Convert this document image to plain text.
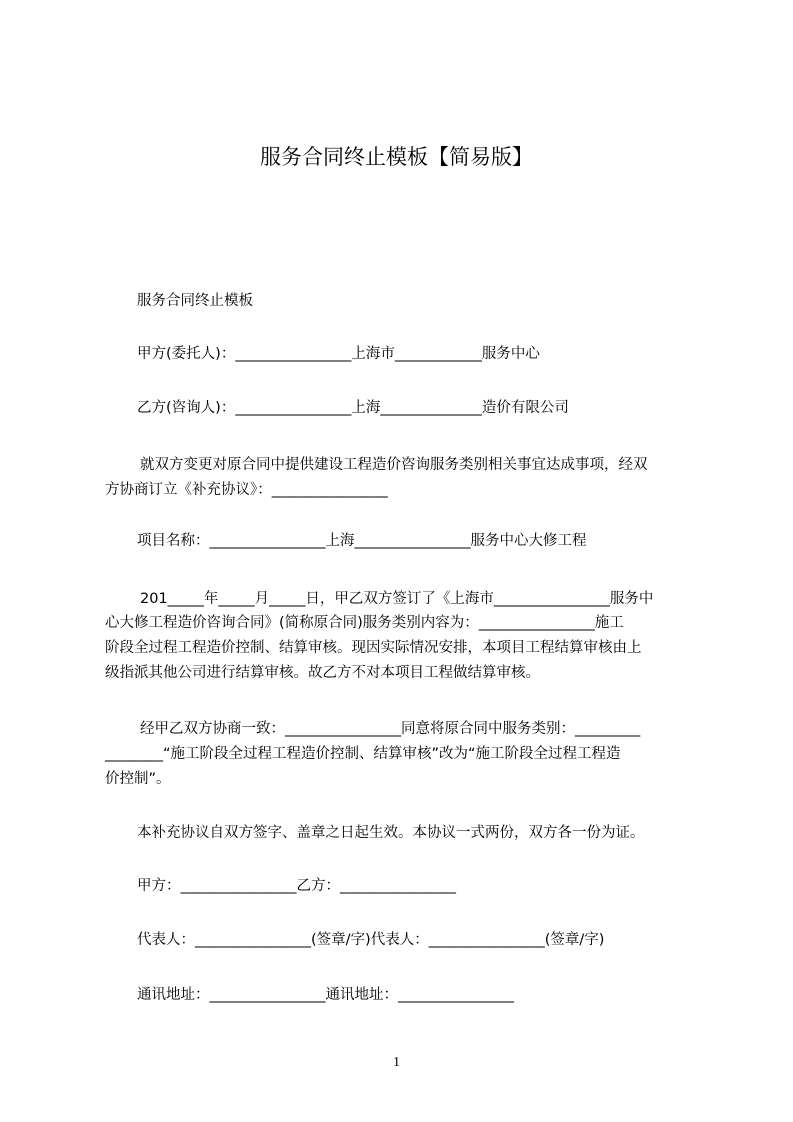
服务合同终止模板【简易版】
服务合同终止模板
甲方(委托人)：________________上海市____________服务中心
乙方(咨询人)：________________上海______________造价有限公司
就双方变更对原合同中提供建设工程造价咨询服务类别相关事宜达成事项，经双
方协商订立《补充协议》：________________
项目名称：________________上海________________服务中心大修工程
201_____年_____月_____日，甲乙双方签订了《上海市________________服务中
心大修工程造价咨询合同》(简称原合同)服务类别内容为：________________施工
阶段全过程工程造价控制、结算审核。现因实际情况安排，本项目工程结算审核由上
级指派其他公司进行结算审核。故乙方不对本项目工程做结算审核。
经甲乙双方协商一致：________________同意将原合同中服务类别：_________
________“施工阶段全过程工程造价控制、结算审核”改为“施工阶段全过程工程造
价控制”。
本补充协议自双方签字、盖章之日起生效。本协议一式两份，双方各一份为证。
甲方：________________乙方：________________
代表人：________________(签章/字)代表人：________________(签章/字)
通讯地址：________________通讯地址：________________
1
